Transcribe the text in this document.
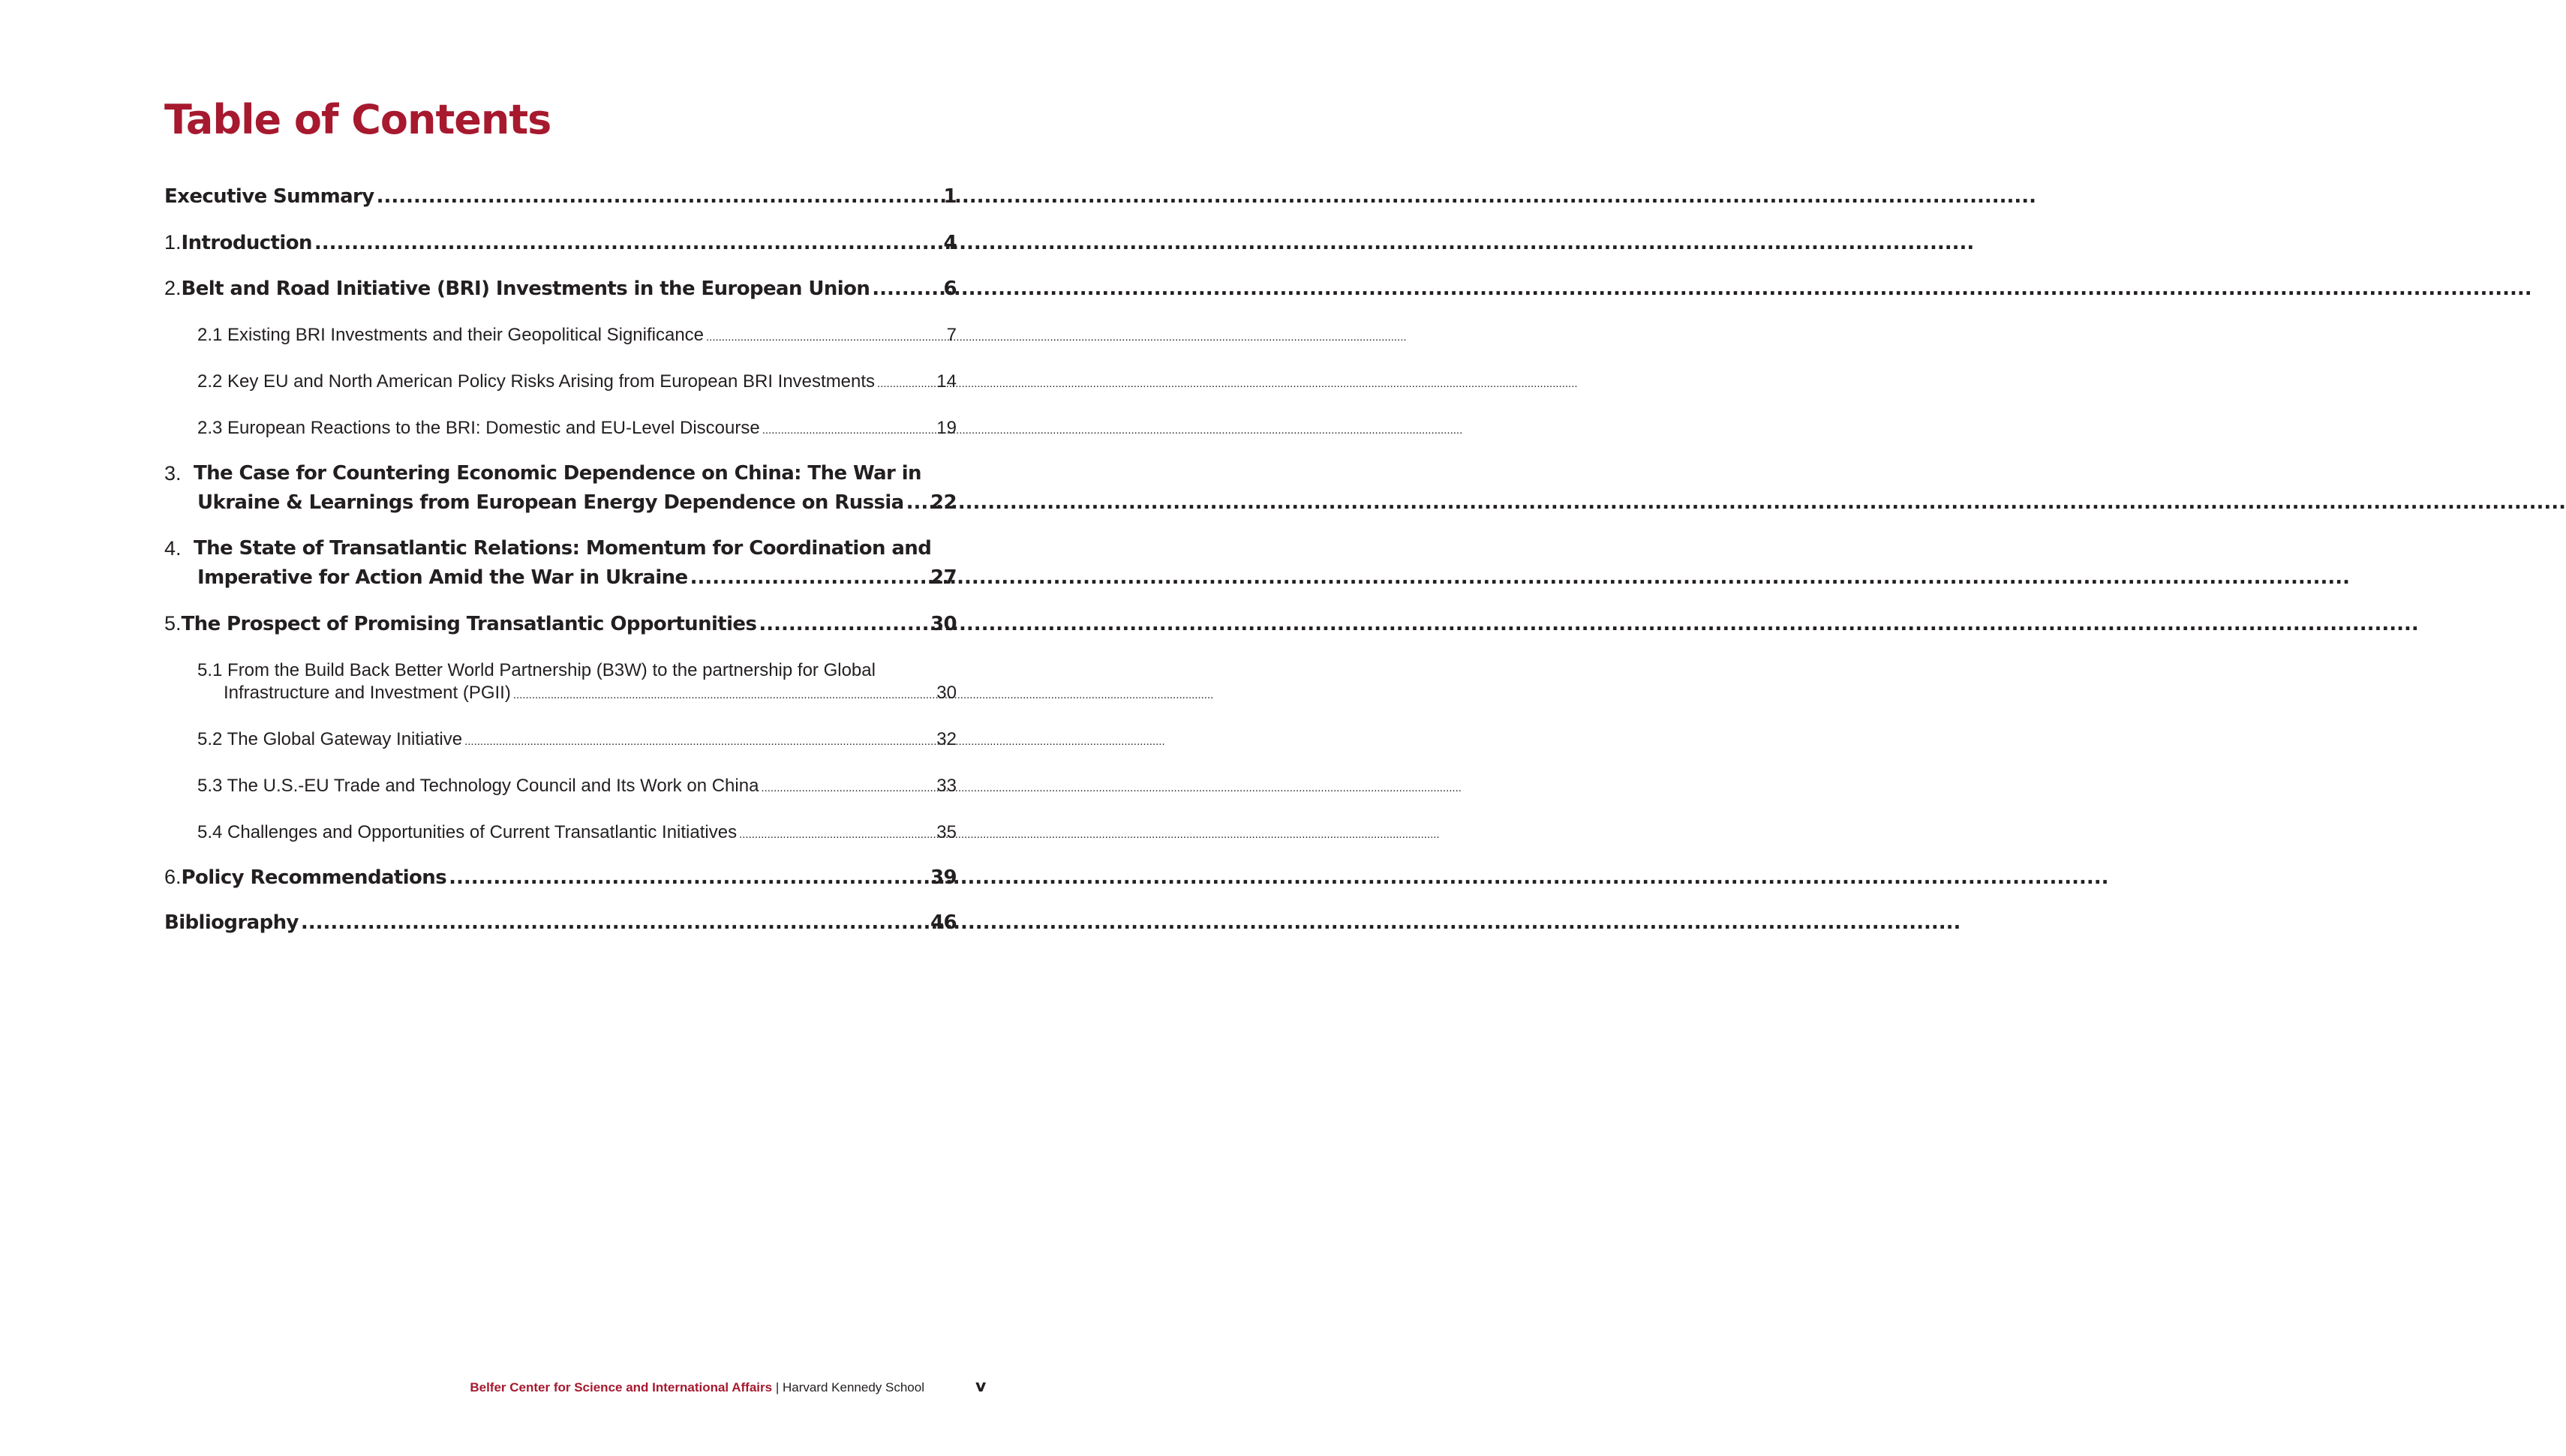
Table of Contents
Executive Summary .....	1
1. Introduction .....	4
2. Belt and Road Initiative (BRI) Investments in the European Union .....	6
2.1 Existing BRI Investments and their Geopolitical Significance .....	7
2.2 Key EU and North American Policy Risks Arising from European BRI Investments .....	14
2.3 European Reactions to the BRI: Domestic and EU-Level Discourse .....	19
3. The Case for Countering Economic Dependence on China: The War in
Ukraine & Learnings from European Energy Dependence on Russia ..... 22
4. The State of Transatlantic Relations: Momentum for Coordination and
Imperative for Action Amid the War in Ukraine .....	27
5. The Prospect of Promising Transatlantic Opportunities .....	30
5.1 From the Build Back Better World Partnership (B3W) to the partnership for Global
Infrastructure and Investment (PGII) .....	30
5.2 The Global Gateway Initiative .....	32
5.3 The U.S.-EU Trade and Technology Council and Its Work on China .....	33
5.4 Challenges and Opportunities of Current Transatlantic Initiatives .....	35
6. Policy Recommendations .....	39
Bibliography .....	46
Belfer Center for Science and International Affairs | Harvard Kennedy School	v
